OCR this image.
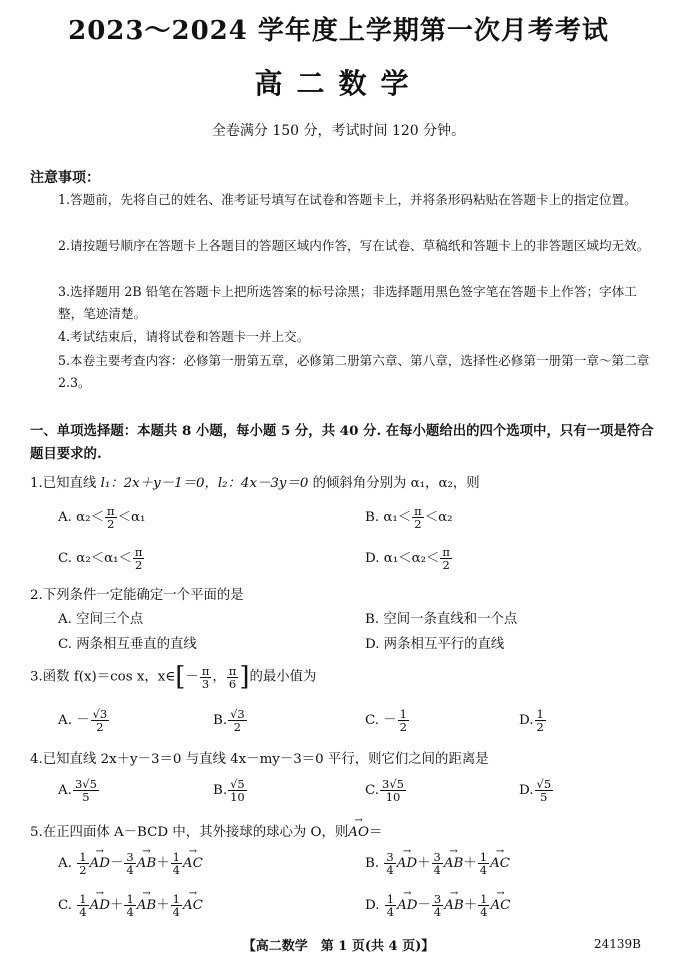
2023～2024 学年度上学期第一次月考考试
高二数学
全卷满分 150 分，考试时间 120 分钟。
注意事项：
1.答题前，先将自己的姓名、准考证号填写在试卷和答题卡上，并将条形码粘贴在答题卡上的指定位置。
2.请按题号顺序在答题卡上各题目的答题区域内作答，写在试卷、草稿纸和答题卡上的非答题区域均无效。
3.选择题用 2B 铅笔在答题卡上把所选答案的标号涂黑；非选择题用黑色签字笔在答题卡上作答；字体工整，笔迹清楚。
4.考试结束后，请将试卷和答题卡一并上交。
5.本卷主要考查内容：必修第一册第五章，必修第二册第六章、第八章，选择性必修第一册第一章～第二章 2.3。
一、单项选择题：本题共 8 小题，每小题 5 分，共 40 分. 在每小题给出的四个选项中，只有一项是符合题目要求的.
1.已知直线 l₁：2x＋y－1＝0，l₂：4x－3y＝0 的倾斜角分别为 α₁，α₂，则
A. $\alpha_2< \frac{\pi}{2} <\alpha_1$	B. $\alpha_1< \frac{\pi}{2} <\alpha_2$
C. $\alpha_2<\alpha_1< \frac{\pi}{2}$	D. $\alpha_1<\alpha_2< \frac{\pi}{2}$
2.下列条件一定能确定一个平面的是
A. 空间三个点	B. 空间一条直线和一个点
C. 两条相互垂直的直线	D. 两条相互平行的直线
3.函数 f(x)＝cos x，x∈[－ $\frac{\pi}{3}$ ， $\frac{\pi}{6}$ ]的最小值为
A. － $\frac{√3}{2}$	B. $\frac{√3}{2}$	C. － $\frac{1}{2}$	D. $\frac{1}{2}$
4.已知直线 2x＋y－3＝0 与直线 4x－my－3＝0 平行，则它们之间的距离是
A. $\frac{3√5}{5}$	B. $\frac{√5}{10}$	C. $\frac{3√5}{10}$	D. $\frac{√5}{5}$
5.在正四面体 A－BCD 中，其外接球的球心为 O，则→ AO＝
A. $\frac{1}{2}$
→ $AD- \frac{3}{4}$
→ $AB+ \frac{1}{4}$
→ AC	B. $\frac{3}{4}$
→ $AD+ \frac{3}{4}$
→ $AB+ \frac{1}{4}$
→ AC
C. $\frac{1}{4}$
→ $AD+ \frac{1}{4}$
→ $AB+ \frac{1}{4}$
→ AC	D. $\frac{1}{4}$
→ $AD- \frac{3}{4}$
→ $AB+ \frac{1}{4}$
→ AC
【高二数学　第 1 页(共 4 页)】	24139B
